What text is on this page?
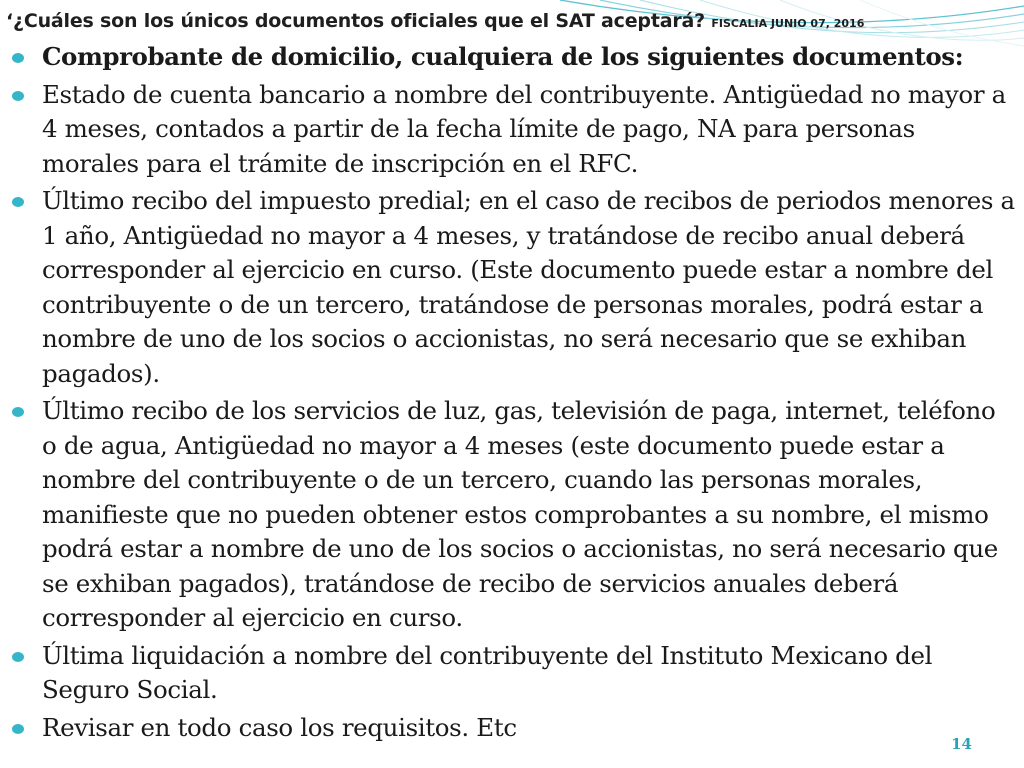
‘¿Cuáles son los únicos documentos oficiales que el SAT aceptará? FISCALIA JUNIO 07, 2016
Comprobante de domicilio, cualquiera de los siguientes documentos:
Estado de cuenta bancario a nombre del contribuyente. Antigüedad no mayor a 4 meses, contados a partir de la fecha límite de pago, NA para personas morales para el trámite de inscripción en el RFC.
Último recibo del impuesto predial; en el caso de recibos de periodos menores a 1 año, Antigüedad no mayor a 4 meses, y tratándose de recibo anual deberá corresponder al ejercicio en curso. (Este documento puede estar a nombre del contribuyente o de un tercero, tratándose de personas morales, podrá estar a nombre de uno de los socios o accionistas, no será necesario que se exhiban pagados).
Último recibo de los servicios de luz, gas, televisión de paga, internet, teléfono o de agua, Antigüedad no mayor a 4 meses (este documento puede estar a nombre del contribuyente o de un tercero, cuando las personas morales, manifieste que no pueden obtener estos comprobantes a su nombre, el mismo podrá estar a nombre de uno de los socios o accionistas, no será necesario que se exhiban pagados), tratándose de recibo de servicios anuales deberá corresponder al ejercicio en curso.
Última liquidación a nombre del contribuyente del Instituto Mexicano del Seguro Social.
Revisar en todo caso los requisitos. Etc
14
